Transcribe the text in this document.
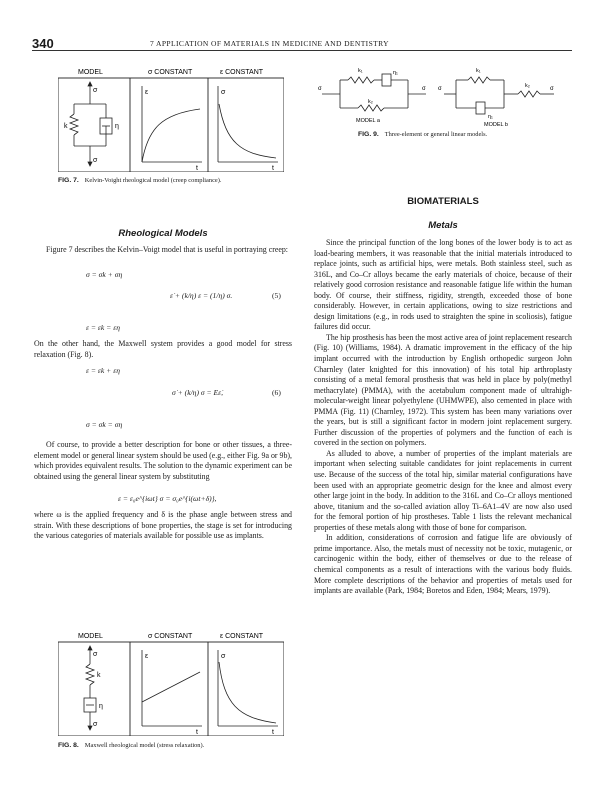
340	7 APPLICATION OF MATERIALS IN MEDICINE AND DENTISTRY
MODEL	σ CONSTANT	ε CONSTANT
σ
k	η
σ
ε
t
σ
t
FIG. 7. Kelvin-Voight rheological model (creep compliance).
σ	σ
k₁	η₁
k₂
MODEL a
σ	σ
k₁
k₂
η₁
MODEL b
FIG. 9. Three-element or general linear models.
Rheological Models

Figure 7 describes the Kelvin–Voigt model that is useful in portraying creep:

σ = σk + ση
ε̇ + (k/η) ε = (1/η) σ.	(5)
ε = εk = εη

On the other hand, the Maxwell system provides a good model for stress relaxation (Fig. 8).

ε = εk + εη
σ̇ + (k/η) σ = Eε̇,	(6)
σ = σk = ση

Of course, to provide a better description for bone or other tissues, a three-element model or general linear system should be used (e.g., either Fig. 9a or 9b), which provides equivalent results. The solution to the dynamic experiment can be obtained using the general linear system by substituting

ε = ε₀e^{iωt} σ = σ₀e^{i(ωt+δ)},

where ω is the applied frequency and δ is the phase angle between stress and strain. With these descriptions of bone properties, the stage is set for introducing the various categories of materials available for possible use as implants.

MODEL	σ CONSTANT	ε CONSTANT
σ
k
η
σ
ε
t
σ
t
FIG. 8. Maxwell rheological model (stress relaxation).
BIOMATERIALS
Metals

Since the principal function of the long bones of the lower body is to act as load-bearing members, it was reasonable that the initial materials introduced to replace joints, such as artificial hips, were metals. Both stainless steel, such as 316L, and Co–Cr alloys became the early materials of choice, because of their relatively good corrosion resistance and reasonable fatigue life within the human body. Of course, their stiffness, rigidity, strength, exceeded those of bone considerably. However, in certain applications, owing to size restrictions and design limitations (e.g., in rods used to straighten the spine in scoliosis), fatigue failures did occur.

The hip prosthesis has been the most active area of joint replacement research (Fig. 10) (Williams, 1984). A dramatic improvement in the efficacy of the hip implant occurred with the introduction by English orthopedic surgeon John Charnley (later knighted for this innovation) of his total hip arthroplasty consisting of a metal femoral prosthesis that was held in place by poly(methyl methacrylate) (PMMA), with the acetabulum component made of ultrahigh-molecular-weight linear polyethylene (UHMWPE), also cemented in place with PMMA (Fig. 11) (Charnley, 1972). This system has been many variations over the years, but is still a significant factor in modern joint replacement surgery. Further discussion of the properties of polymers and the function of each is covered in the section on polymers.

As alluded to above, a number of properties of the implant materials are important when selecting suitable candidates for joint replacements in current use. Because of the success of the total hip, similar material configurations have been used with an appropriate geometric design for the knee and almost every other large joint in the body. In addition to the 316L and Co–Cr alloys mentioned above, titanium and the so-called aviation alloy Ti–6A1–4V are now also used for the femoral portion of hip prostheses. Table 1 lists the relevant mechanical properties of these metals along with those of bone for comparison.

In addition, considerations of corrosion and fatigue life are obviously of prime importance. Also, the metals must of necessity not be toxic, mutagenic, or carcinogenic within the body, either of themselves or due to the release of chemical components as a result of interactions with the various body fluids. More complete descriptions of the behavior and properties of metals used for implants are available (Park, 1984; Boretos and Eden, 1984; Mears, 1979).
